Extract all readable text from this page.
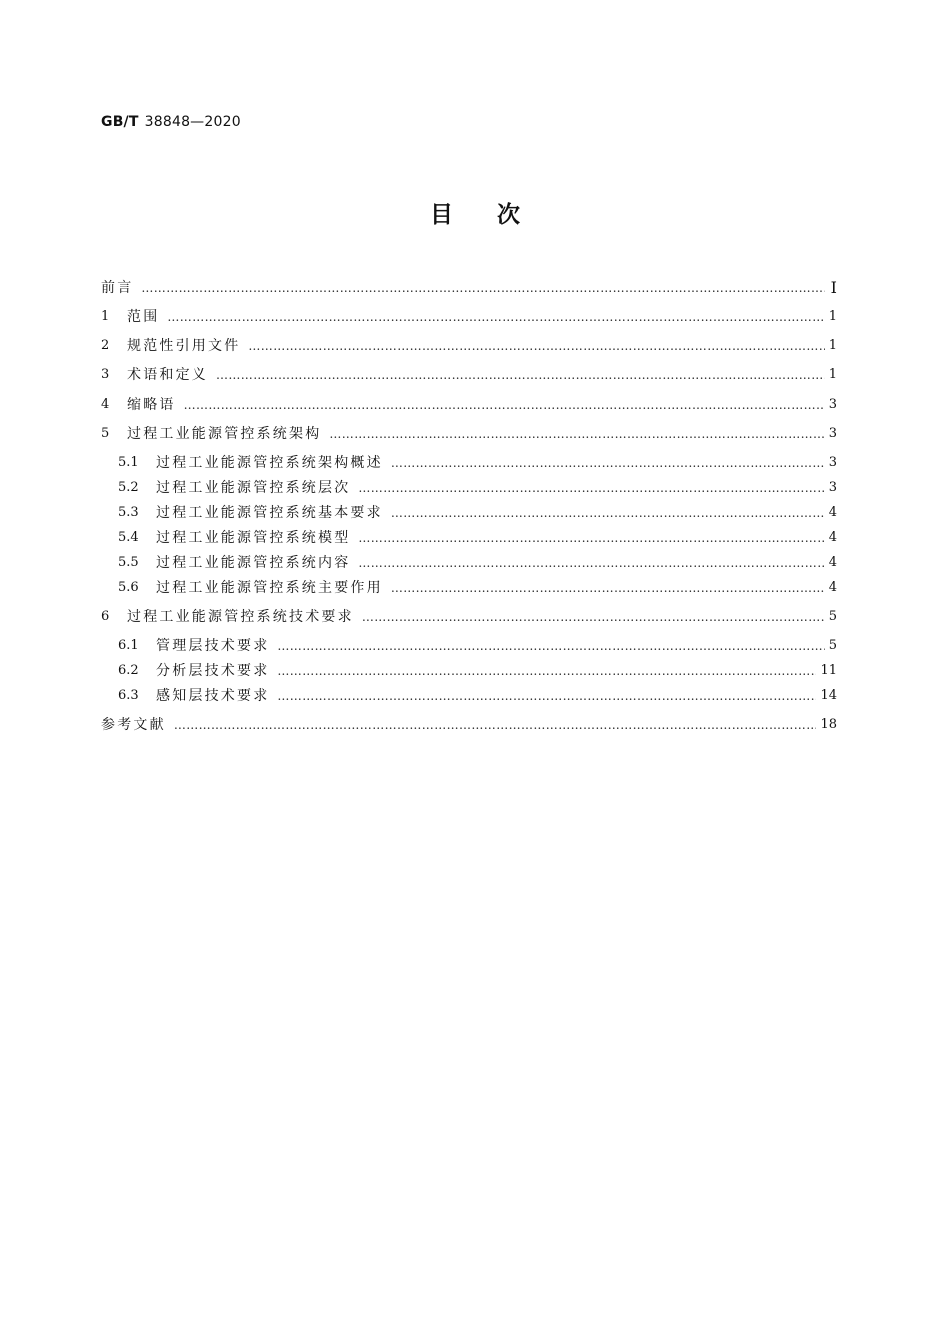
GB/T 38848—2020
目次
前言 ………………………………………………………………………………………………………………………………………………………………………………………………………………………………………………………………	Ⅰ
1	范围 ………………………………………………………………………………………………………………………………………………………………………………………………………………………………………………………………	1
2	规范性引用文件 ………………………………………………………………………………………………………………………………………………………………………………………………………………………………………………………………	1
3	术语和定义 ………………………………………………………………………………………………………………………………………………………………………………………………………………………………………………………………	1
4	缩略语 ………………………………………………………………………………………………………………………………………………………………………………………………………………………………………………………………	3
5	过程工业能源管控系统架构 ………………………………………………………………………………………………………………………………………………………………………………………………………………………………………………………………	3
5.1	过程工业能源管控系统架构概述 ………………………………………………………………………………………………………………………………………………………………………………………………………………………………………………………………	3
5.2	过程工业能源管控系统层次 ………………………………………………………………………………………………………………………………………………………………………………………………………………………………………………………………	3
5.3	过程工业能源管控系统基本要求 ………………………………………………………………………………………………………………………………………………………………………………………………………………………………………………………………	4
5.4	过程工业能源管控系统模型 ………………………………………………………………………………………………………………………………………………………………………………………………………………………………………………………………	4
5.5	过程工业能源管控系统内容 ………………………………………………………………………………………………………………………………………………………………………………………………………………………………………………………………	4
5.6	过程工业能源管控系统主要作用 ………………………………………………………………………………………………………………………………………………………………………………………………………………………………………………………………	4
6	过程工业能源管控系统技术要求 ………………………………………………………………………………………………………………………………………………………………………………………………………………………………………………………………	5
6.1	管理层技术要求 ………………………………………………………………………………………………………………………………………………………………………………………………………………………………………………………………	5
6.2	分析层技术要求 ………………………………………………………………………………………………………………………………………………………………………………………………………………………………………………………………	11
6.3	感知层技术要求 ………………………………………………………………………………………………………………………………………………………………………………………………………………………………………………………………	14
参考文献 ………………………………………………………………………………………………………………………………………………………………………………………………………………………………………………………………	18
